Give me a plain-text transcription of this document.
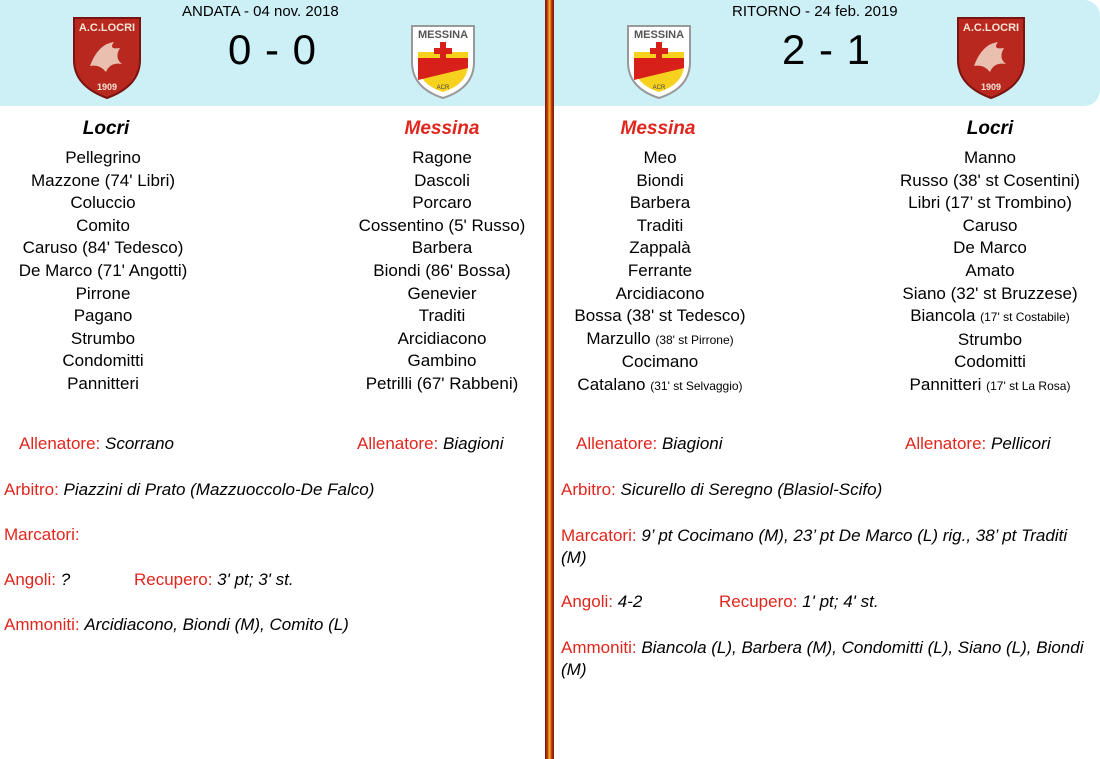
A.C.LOCRI
1909
ANDATA - 04 nov. 2018
0 - 0	MESSINA
ACR
Locri	Messina
Pellegrino
Mazzone (74' Libri)
Coluccio
Comito
Caruso (84' Tedesco)
De Marco (71' Angotti)
Pirrone
Pagano
Strumbo
Condomitti
Pannitteri
Ragone
Dascoli
Porcaro
Cossentino (5' Russo)
Barbera
Biondi (86' Bossa)
Genevier
Traditi
Arcidiacono
Gambino
Petrilli (67' Rabbeni)
Allenatore: Scorrano	Allenatore: Biagioni
Arbitro: Piazzini di Prato (Mazzuoccolo-De Falco)
Marcatori:
Angoli: ?	Recupero: 3' pt; 3' st.
Ammoniti: Arcidiacono, Biondi (M), Comito (L)
MESSINA
ACR
RITORNO - 24 feb. 2019
2 - 1	A.C.LOCRI
1909
Messina	Locri
Meo
Biondi
Barbera
Traditi
Zappalà
Ferrante
Arcidiacono
Bossa (38' st Tedesco)
Marzullo (38' st Pirrone)
Cocimano
Catalano (31' st Selvaggio)
Manno
Russo (38' st Cosentini)
Libri (17’ st Trombino)
Caruso
De Marco
Amato
Siano (32' st Bruzzese)
Biancola (17' st Costabile)
Strumbo
Codomitti
Pannitteri (17' st La Rosa)
Allenatore: Biagioni	Allenatore: Pellicori
Arbitro: Sicurello di Seregno (Blasiol-Scifo)
Marcatori: 9’ pt Cocimano (M), 23’ pt De Marco (L) rig., 38’ pt Traditi (M)
Angoli: 4-2	Recupero: 1' pt; 4' st.
Ammoniti: Biancola (L), Barbera (M), Condomitti (L), Siano (L), Biondi (M)
